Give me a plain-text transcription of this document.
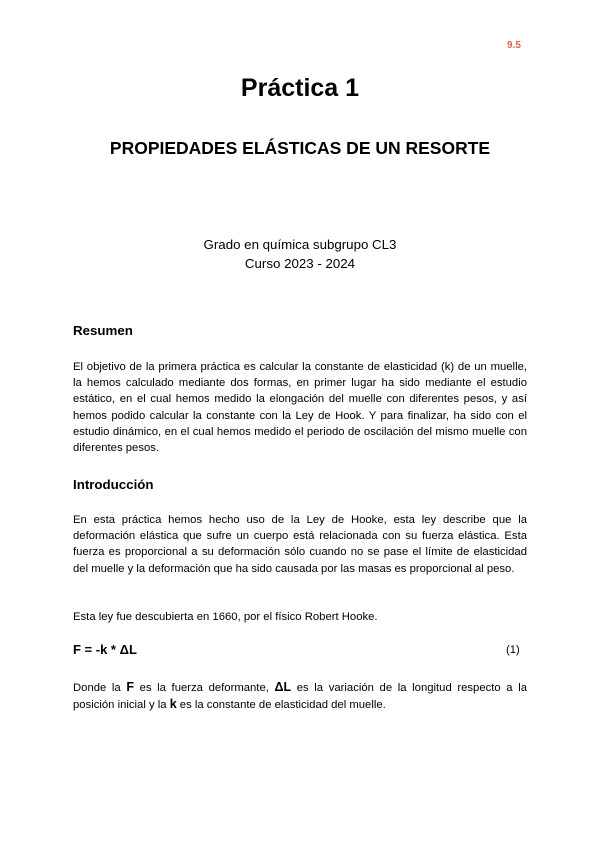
9.5
Práctica 1
PROPIEDADES ELÁSTICAS DE UN RESORTE
Grado en química subgrupo CL3
Curso 2023 - 2024
Resumen

El objetivo de la primera práctica es calcular la constante de elasticidad (k) de un muelle, la hemos calculado mediante dos formas, en primer lugar ha sido mediante el estudio estático, en el cual hemos medido la elongación del muelle con diferentes pesos, y así hemos podido calcular la constante con la Ley de Hook. Y para finalizar, ha sido con el estudio dinámico, en el cual hemos medido el periodo de oscilación del mismo muelle con diferentes pesos.

Introducción

En esta práctica hemos hecho uso de la Ley de Hooke, esta ley describe que la deformación elástica que sufre un cuerpo está relacionada con su fuerza elástica. Esta fuerza es proporcional a su deformación sólo cuando no se pase el límite de elasticidad del muelle y la deformación que ha sido causada por las masas es proporcional al peso.

Esta ley fue descubierta en 1660, por el físico Robert Hooke.

F = -k * ΔL	(1)

Donde la F es la fuerza deformante, ΔL es la variación de la longitud respecto a la posición inicial y la k es la constante de elasticidad del muelle.
